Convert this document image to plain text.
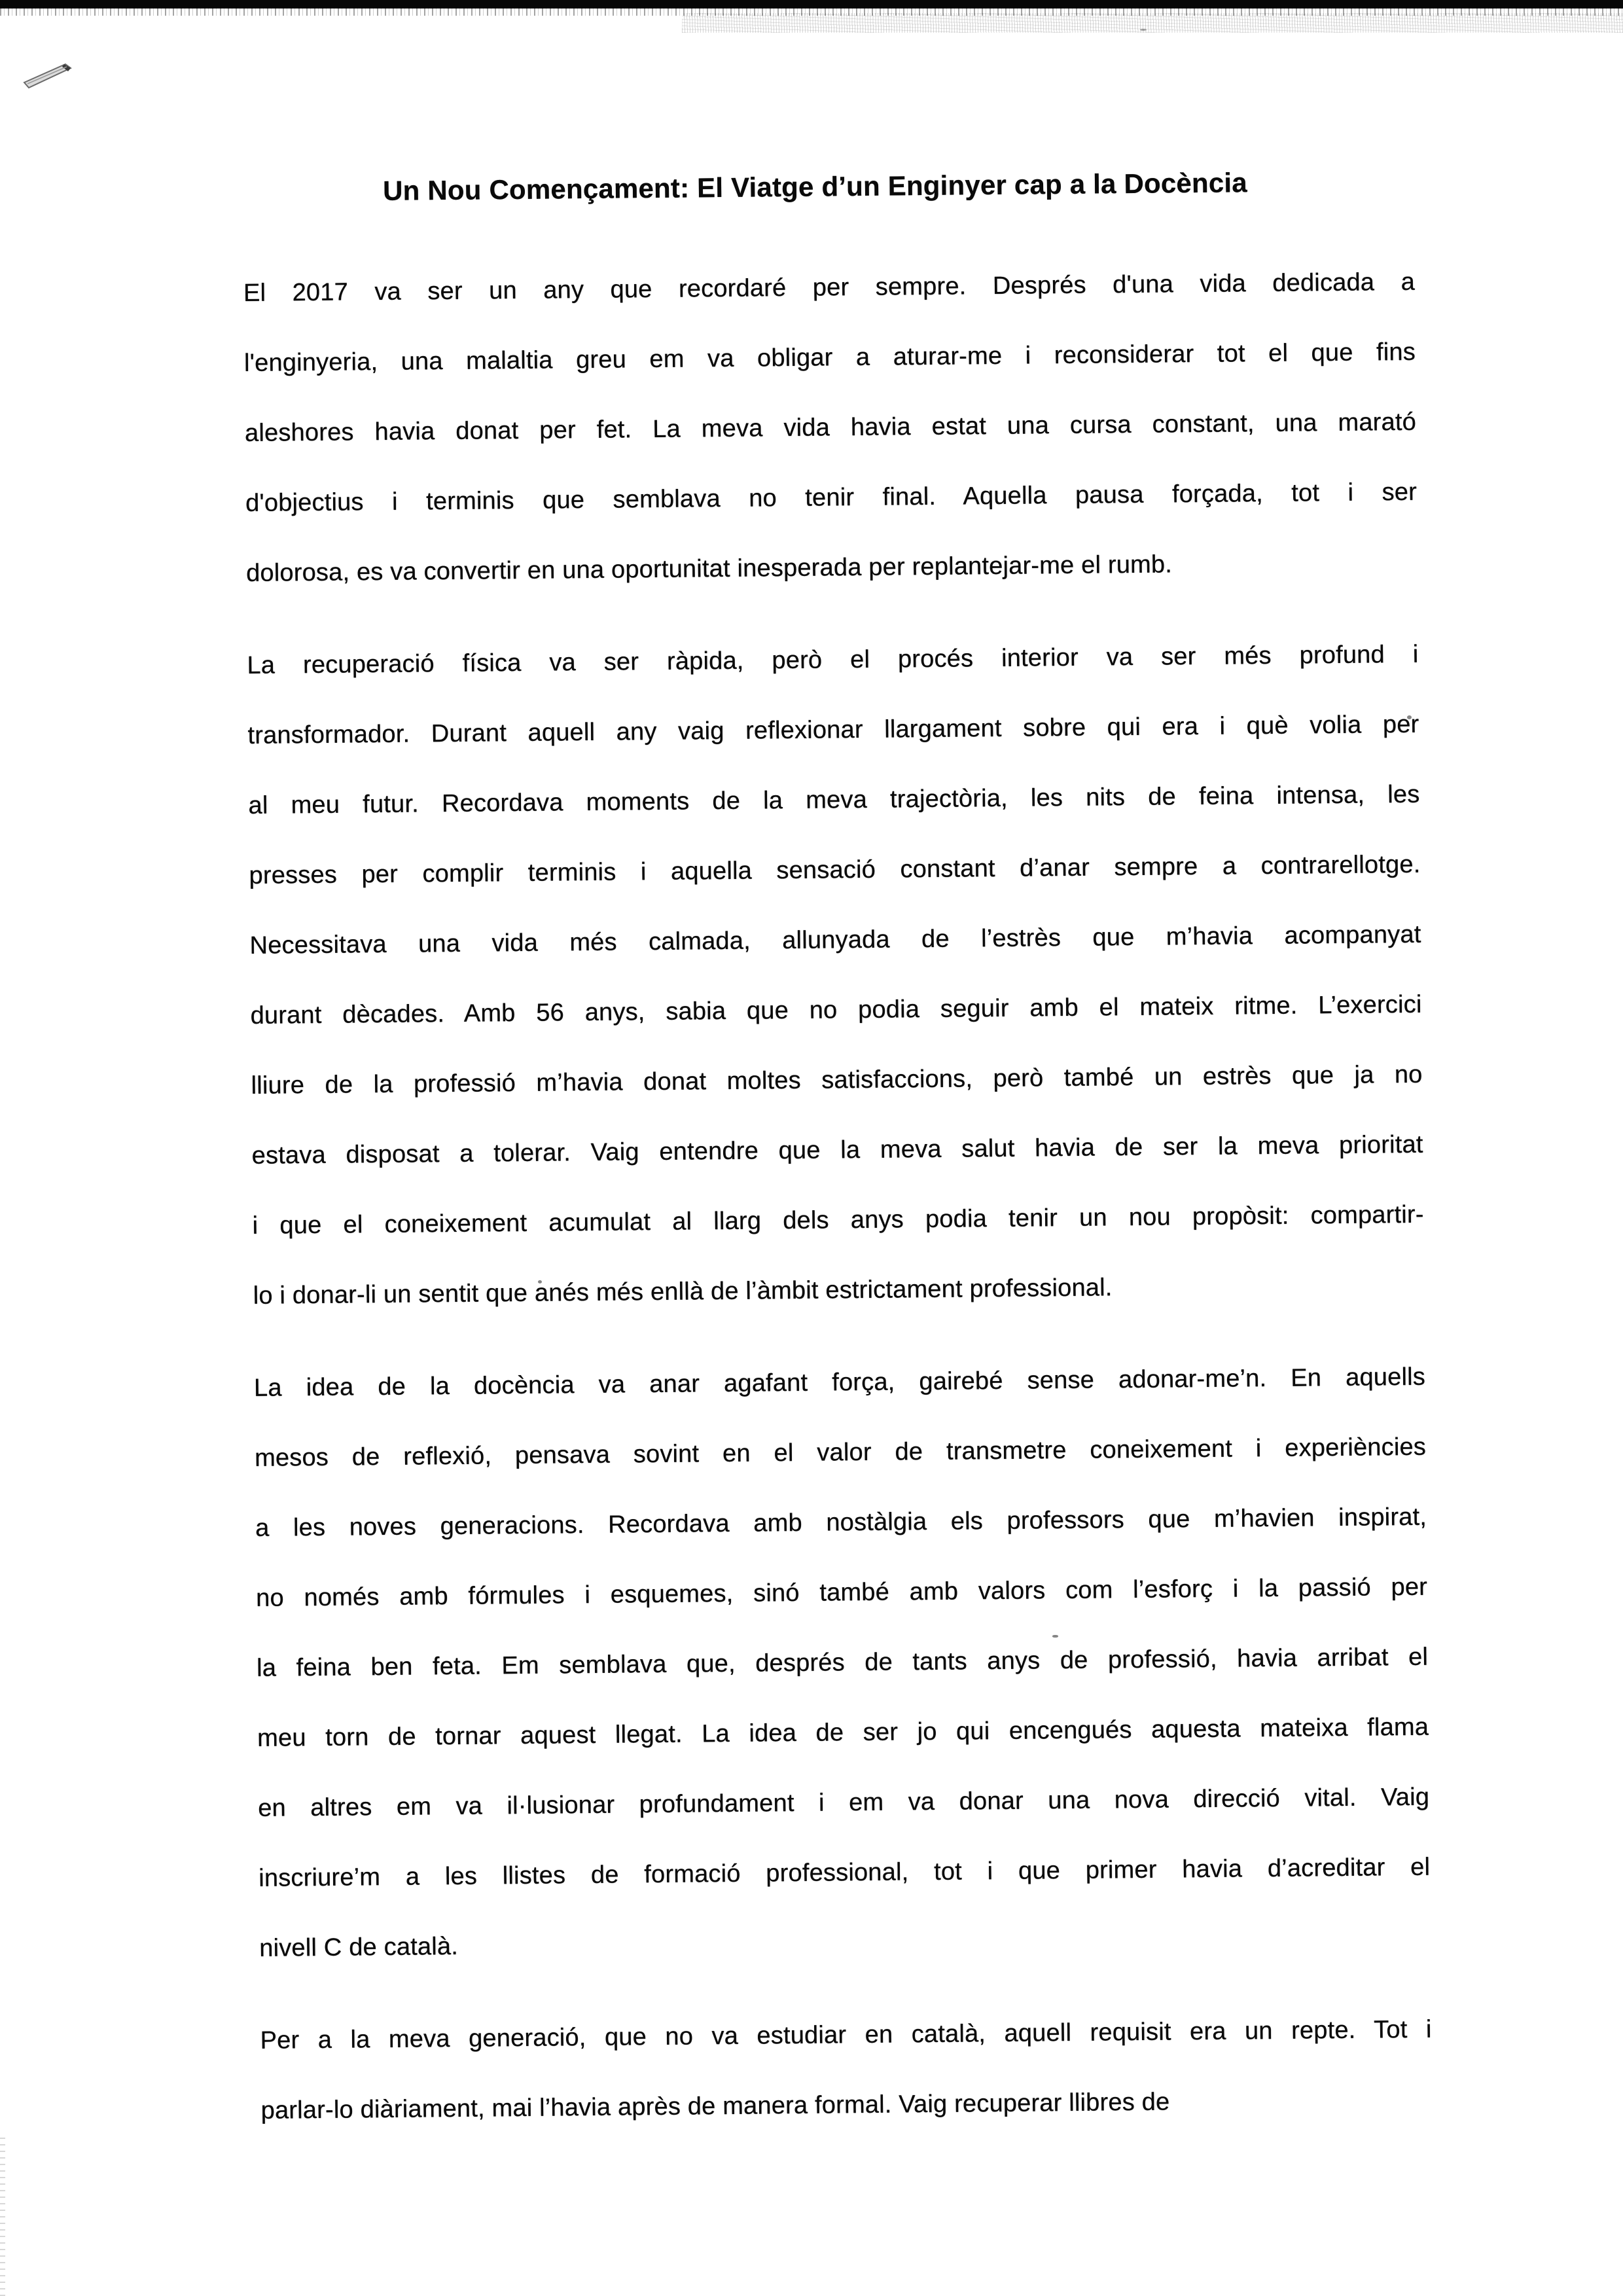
Un Nou Començament: El Viatge d’un Enginyer cap a la Docència
El 2017 va ser un any que recordaré per sempre. Després d'una vida dedicada a
l'enginyeria, una malaltia greu em va obligar a aturar-me i reconsiderar tot el que fins
aleshores havia donat per fet. La meva vida havia estat una cursa constant, una marató
d'objectius i terminis que semblava no tenir final. Aquella pausa forçada, tot i ser
dolorosa, es va convertir en una oportunitat inesperada per replantejar-me el rumb.
La recuperació física va ser ràpida, però el procés interior va ser més profund i
transformador. Durant aquell any vaig reflexionar llargament sobre qui era i què volia per
al meu futur. Recordava moments de la meva trajectòria, les nits de feina intensa, les
presses per complir terminis i aquella sensació constant d’anar sempre a contrarellotge.
Necessitava una vida més calmada, allunyada de l’estrès que m’havia acompanyat
durant dècades. Amb 56 anys, sabia que no podia seguir amb el mateix ritme. L’exercici
lliure de la professió m’havia donat moltes satisfaccions, però també un estrès que ja no
estava disposat a tolerar. Vaig entendre que la meva salut havia de ser la meva prioritat
i que el coneixement acumulat al llarg dels anys podia tenir un nou propòsit: compartir-
lo i donar-li un sentit que anés més enllà de l’àmbit estrictament professional.
La idea de la docència va anar agafant força, gairebé sense adonar-me’n. En aquells
mesos de reflexió, pensava sovint en el valor de transmetre coneixement i experiències
a les noves generacions. Recordava amb nostàlgia els professors que m’havien inspirat,
no només amb fórmules i esquemes, sinó també amb valors com l’esforç i la passió per
la feina ben feta. Em semblava que, després de tants anys de professió, havia arribat el
meu torn de tornar aquest llegat. La idea de ser jo qui encengués aquesta mateixa flama
en altres em va il·lusionar profundament i em va donar una nova direcció vital. Vaig
inscriure’m a les llistes de formació professional, tot i que primer havia d’acreditar el
nivell C de català.
Per a la meva generació, que no va estudiar en català, aquell requisit era un repte. Tot i
parlar-lo diàriament, mai l’havia après de manera formal. Vaig recuperar llibres de
